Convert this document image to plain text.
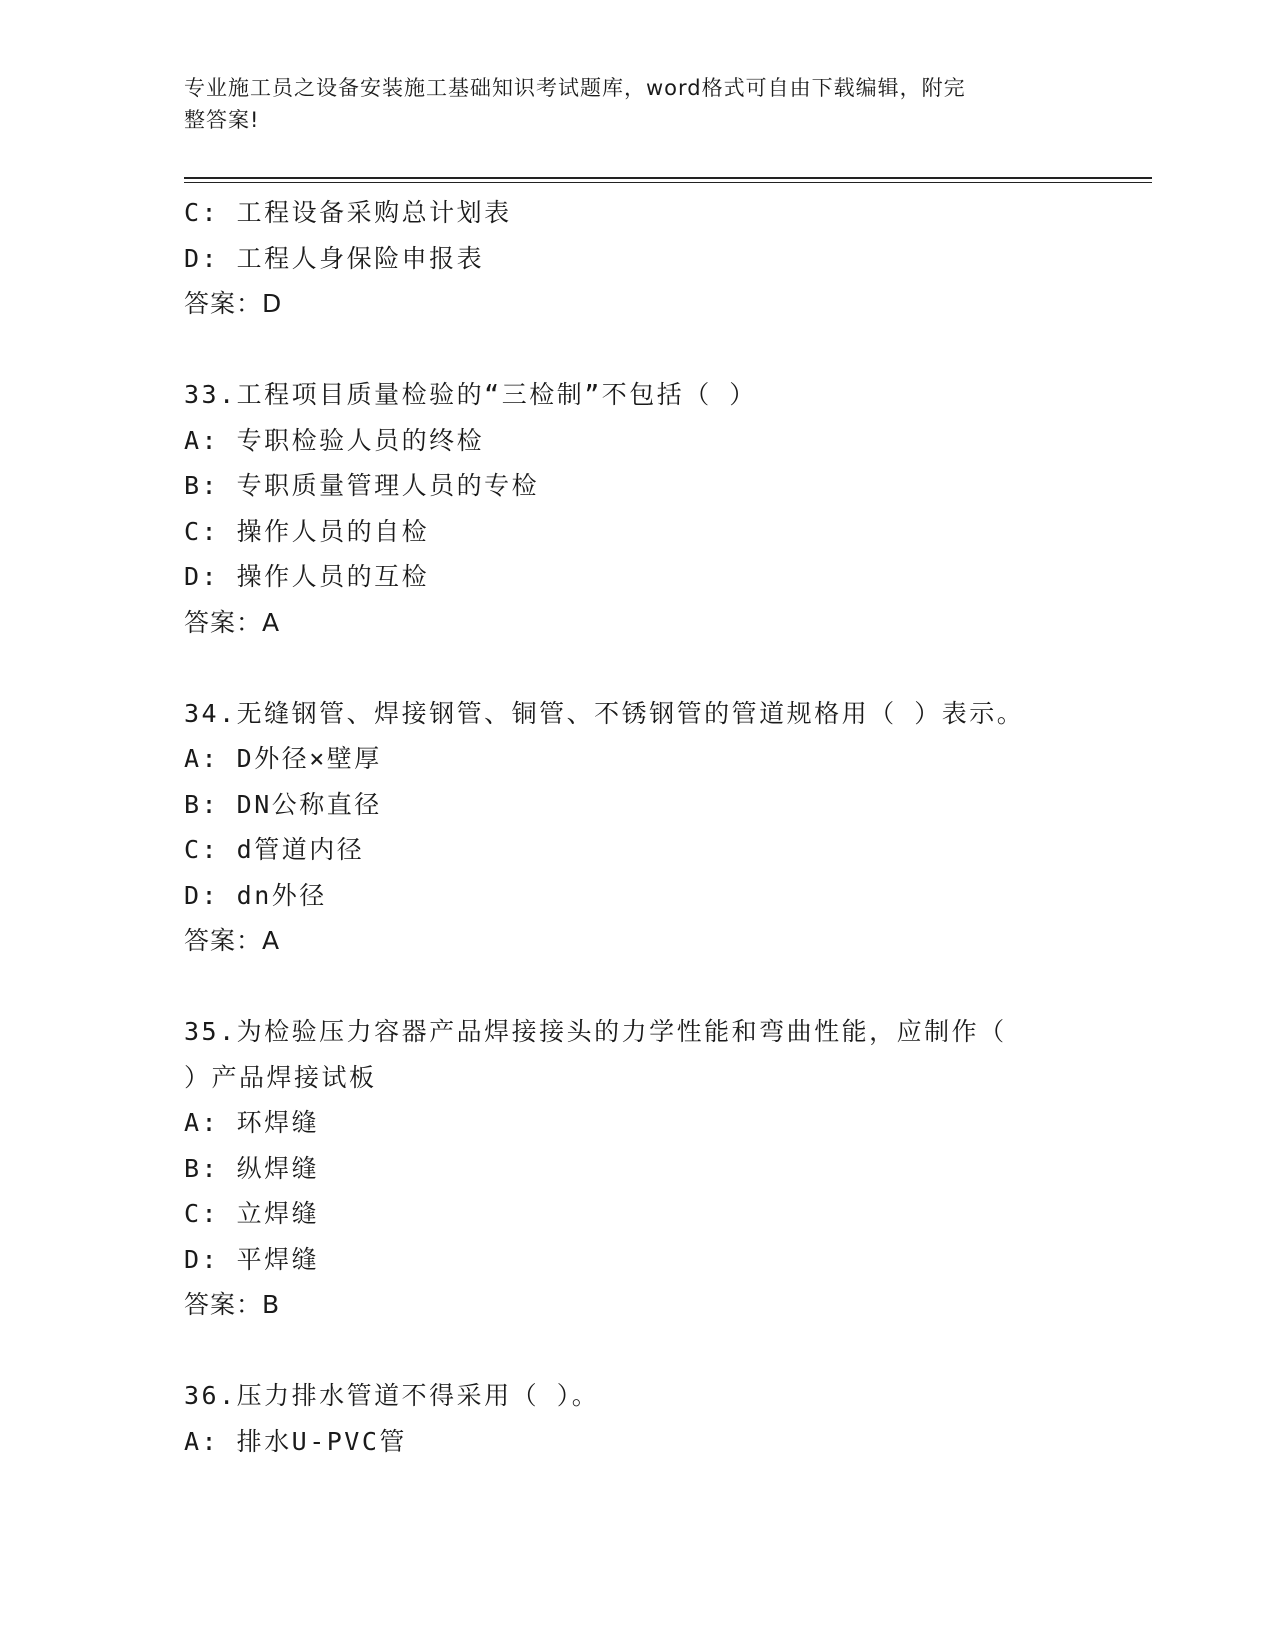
专业施工员之设备安装施工基础知识考试题库，word格式可自由下载编辑，附完
整答案!
C: 工程设备采购总计划表
D: 工程人身保险申报表
答案：D
33.工程项目质量检验的“三检制”不包括（ ）
A: 专职检验人员的终检
B: 专职质量管理人员的专检
C: 操作人员的自检
D: 操作人员的互检
答案：A
34.无缝钢管、焊接钢管、铜管、不锈钢管的管道规格用（ ）表示。
A: D外径×壁厚
B: DN公称直径
C: d管道内径
D: dn外径
答案：A
35.为检验压力容器产品焊接接头的力学性能和弯曲性能，应制作（
）产品焊接试板
A: 环焊缝
B: 纵焊缝
C: 立焊缝
D: 平焊缝
答案：B
36.压力排水管道不得采用（ ）。
A: 排水U-PVC管
